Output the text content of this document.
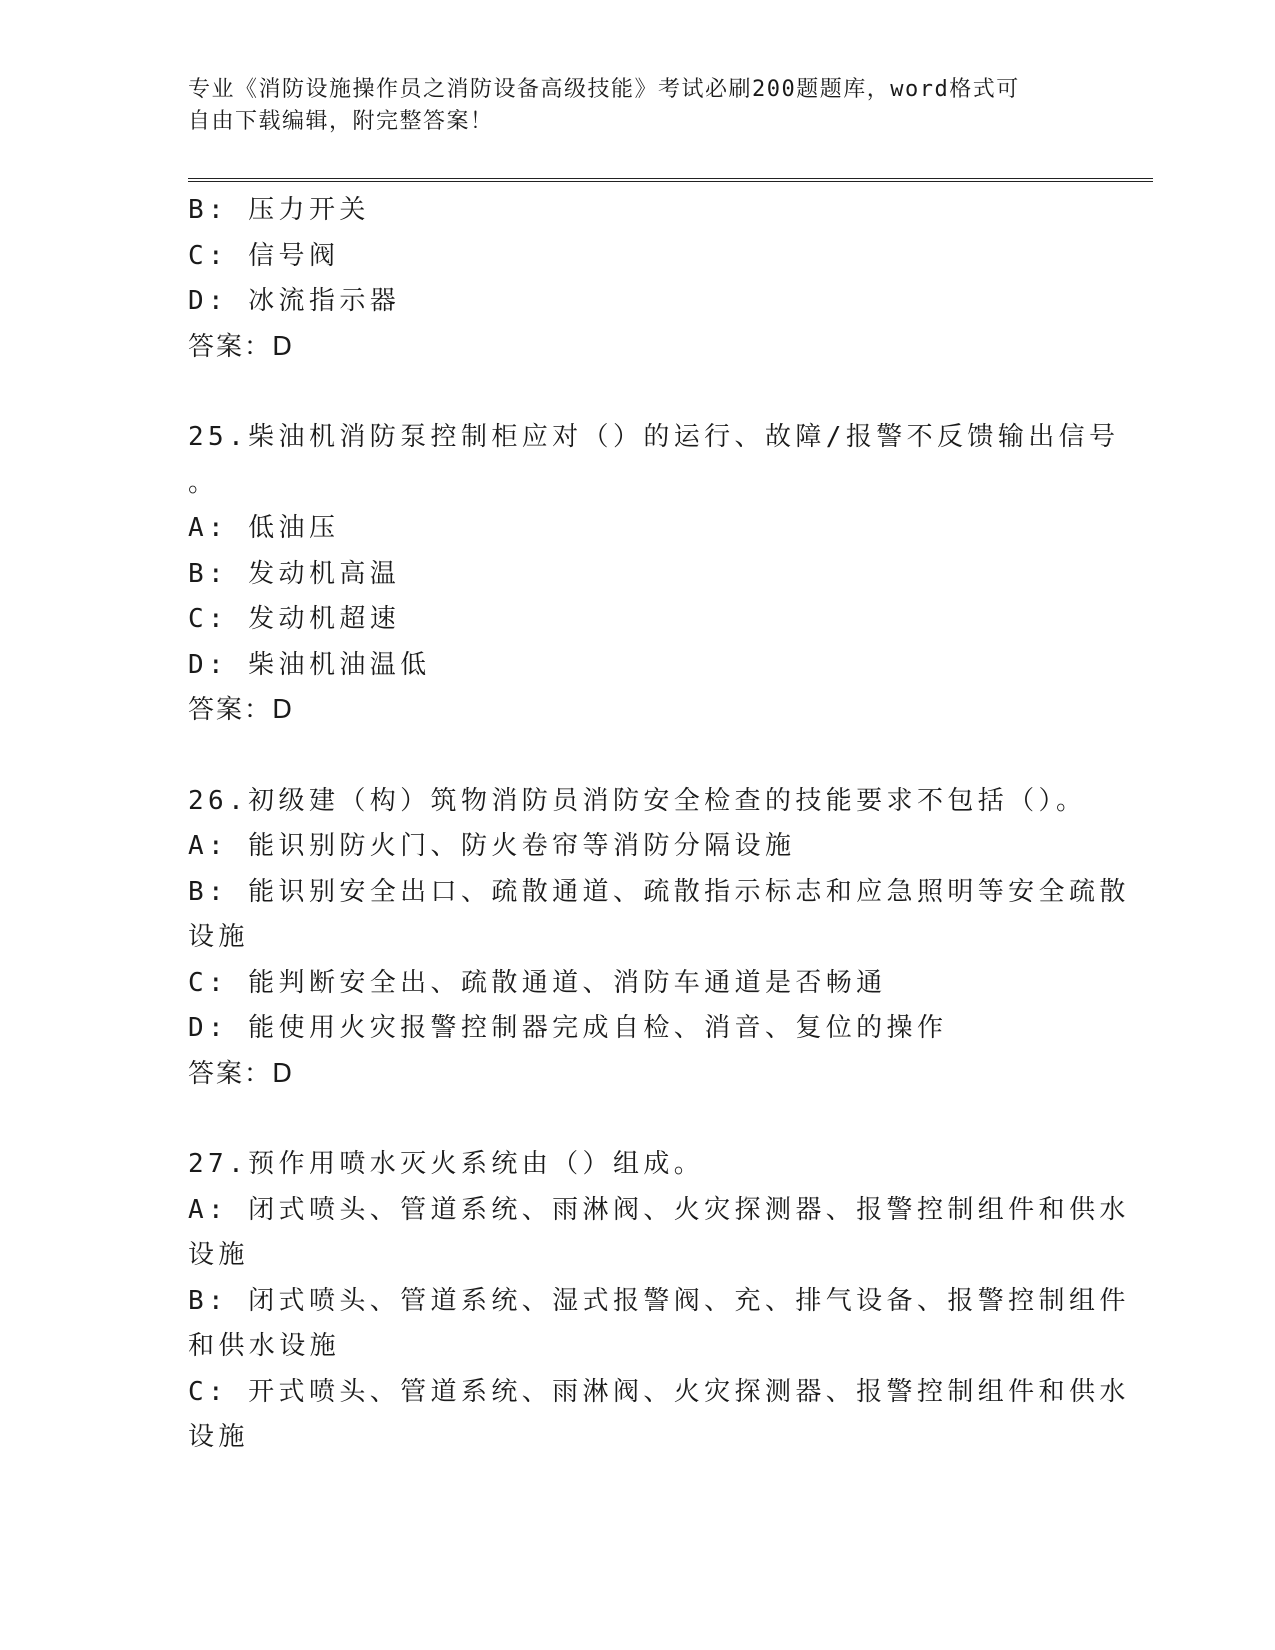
专业《消防设施操作员之消防设备高级技能》考试必刷200题题库，word格式可
自由下载编辑，附完整答案！
B: 压力开关
C: 信号阀
D: 冰流指示器
答案：D
25.柴油机消防泵控制柜应对（）的运行、故障/报警不反馈输出信号
。
A: 低油压
B: 发动机高温
C: 发动机超速
D: 柴油机油温低
答案：D
26.初级建（构）筑物消防员消防安全检查的技能要求不包括（）。
A: 能识别防火门、防火卷帘等消防分隔设施
B: 能识别安全出口、疏散通道、疏散指示标志和应急照明等安全疏散
设施
C: 能判断安全出、疏散通道、消防车通道是否畅通
D: 能使用火灾报警控制器完成自检、消音、复位的操作
答案：D
27.预作用喷水灭火系统由（）组成。
A: 闭式喷头、管道系统、雨淋阀、火灾探测器、报警控制组件和供水
设施
B: 闭式喷头、管道系统、湿式报警阀、充、排气设备、报警控制组件
和供水设施
C: 开式喷头、管道系统、雨淋阀、火灾探测器、报警控制组件和供水
设施
